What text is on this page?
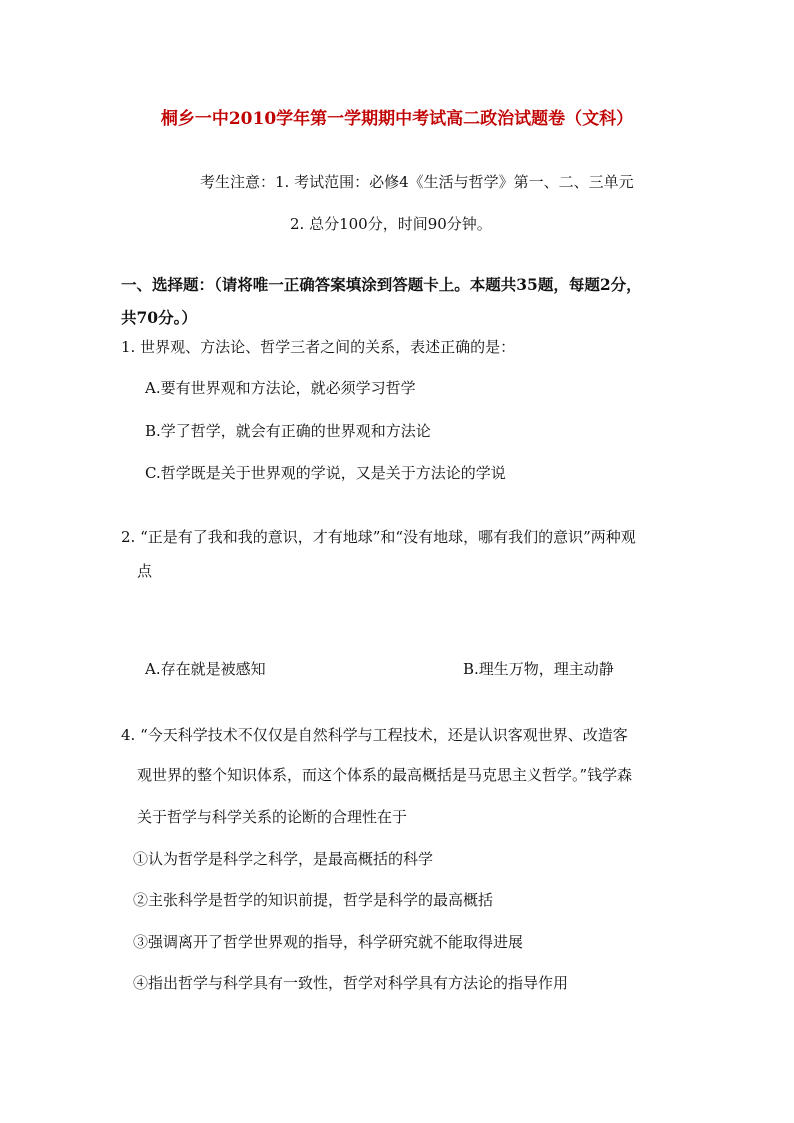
桐乡一中2010学年第一学期期中考试高二政治试题卷（文科）
考生注意：1. 考试范围：必修4《生活与哲学》第一、二、三单元
2. 总分100分，时间90分钟。
一、选择题：（请将唯一正确答案填涂到答题卡上。本题共35题，每题2分，
共70分。）
1. 世界观、方法论、哲学三者之间的关系，表述正确的是：
A.要有世界观和方法论，就必须学习哲学
B.学了哲学，就会有正确的世界观和方法论
C.哲学既是关于世界观的学说，又是关于方法论的学说
2. “正是有了我和我的意识，才有地球”和“没有地球，哪有我们的意识”两种观
点
A.存在就是被感知	B.理生万物，理主动静
4. “今天科学技术不仅仅是自然科学与工程技术，还是认识客观世界、改造客
观世界的整个知识体系，而这个体系的最高概括是马克思主义哲学。”钱学森
关于哲学与科学关系的论断的合理性在于
①认为哲学是科学之科学，是最高概括的科学
②主张科学是哲学的知识前提，哲学是科学的最高概括
③强调离开了哲学世界观的指导，科学研究就不能取得进展
④指出哲学与科学具有一致性，哲学对科学具有方法论的指导作用
